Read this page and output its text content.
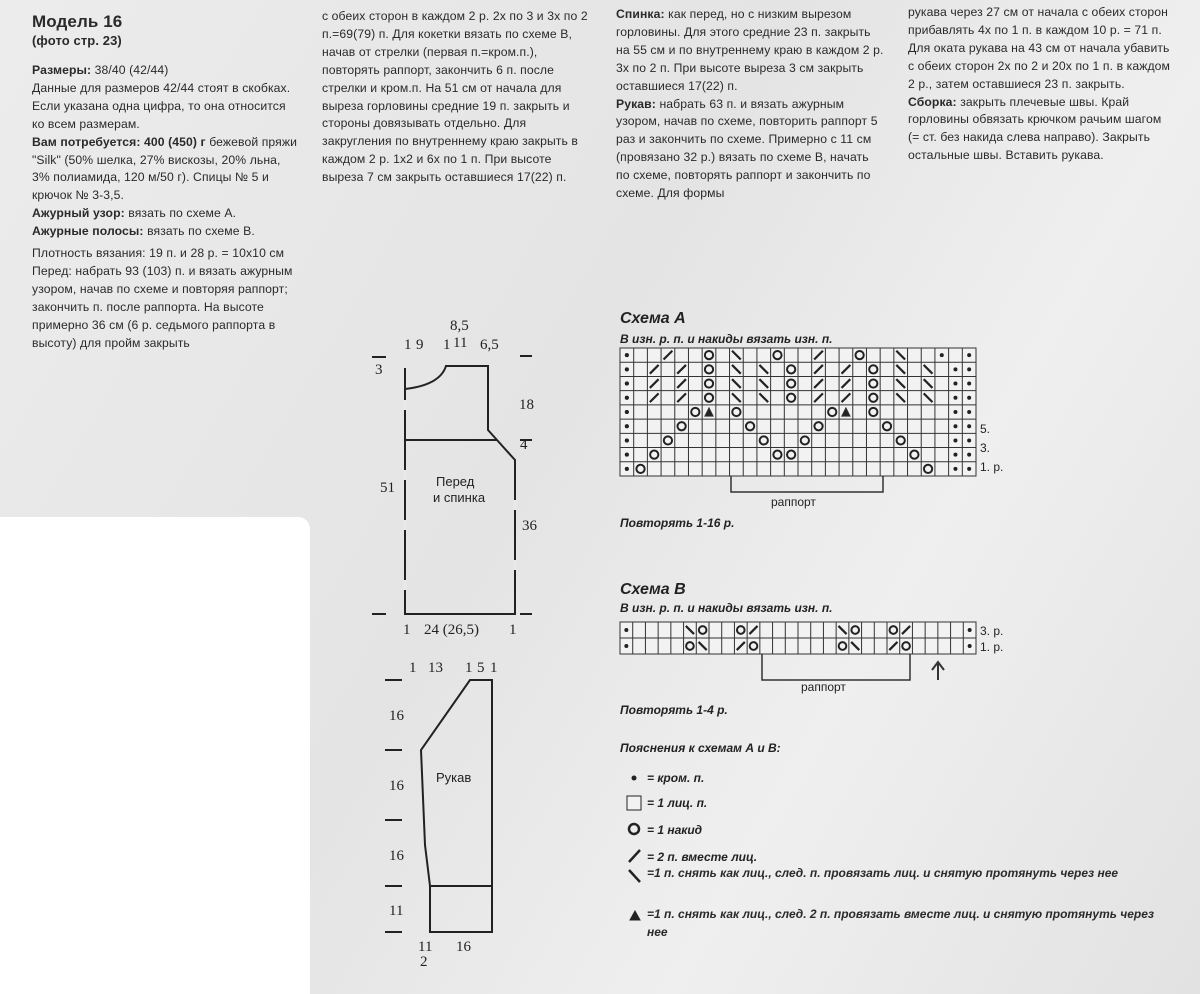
Модель 16

(фото стр. 23)

Размеры: 38/40 (42/44)

Данные для размеров 42/44 стоят в скобках. Если указана одна цифра, то она относится ко всем размерам.

Вам потребуется: 400 (450) г бежевой пряжи "Silk" (50% шелка, 27% вискозы, 20% льна, 3% полиамида, 120 м/50 г). Спицы № 5 и крючок № 3-3,5.

Ажурный узор: вязать по схеме А.

Ажурные полосы: вязать по схеме В.

Плотность вязания: 19 п. и 28 р. = 10х10 см

Перед: набрать 93 (103) п. и вязать ажурным узором, начав по схеме и повторяя раппорт; закончить п. после раппорта. На высоте примерно 36 см (6 р. седьмого раппорта в высоту) для пройм закрыть

с обеих сторон в каждом 2 р. 2х по 3 и 3х по 2 п.=69(79) п. Для кокетки вязать по схеме В, начав от стрелки (первая п.=кром.п.), повторять раппорт, закончить 6 п. после стрелки и кром.п. На 51 см от начала для выреза горловины средние 19 п. закрыть и стороны довязывать отдельно. Для закругления по внутреннему краю закрыть в каждом 2 р. 1х2 и 6х по 1 п. При высоте выреза 7 см закрыть оставшиеся 17(22) п.

Спинка: как перед, но с низким вырезом горловины. Для этого средние 23 п. закрыть на 55 см и по внутреннему краю в каждом 2 р. 3х по 2 п. При высоте выреза 3 см закрыть оставшиеся 17(22) п.

Рукав: набрать 63 п. и вязать ажурным узором, начав по схеме, повторить раппорт 5 раз и закончить по схеме. Примерно с 11 см (провязано 32 р.) вязать по схеме В, начать по схеме, повторять раппорт и закончить по схеме. Для формы

рукава через 27 см от начала с обеих сторон прибавлять 4х по 1 п. в каждом 10 р. = 71 п. Для оката рукава на 43 см от начала убавить с обеих сторон 2х по 2 и 20х по 1 п. в каждом 2 р., затем оставшиеся 23 п. закрыть.

Сборка: закрыть плечевые швы. Край горловины обвязать крючком рачьим шагом (= ст. без накида слева направо). Закрыть остальные швы. Вставить рукава.

1 9 1
8,5
11 6,5
3
18
4
51
36
1 24 (26,5) 1
Перед
и спинка
1 13 1 5 1
16
16
16
11
11
2
16
Рукав
Схема А
В изн. р. п. и накиды вязать изн. п.
5.
3.
1. р.
раппорт
Повторять 1-16 р.
Схема В
В изн. р. п. и накиды вязать изн. п.
3. р.
1. р.
раппорт
Повторять 1-4 р.
Пояснения к схемам А и В:
= кром. п.
= 1 лиц. п.
= 1 накид
= 2 п. вместе лиц.
=1 п. снять как лиц., след. п. провязать лиц. и снятую протянуть через нее
=1 п. снять как лиц., след. 2 п. провязать вместе лиц. и снятую протянуть через нее
